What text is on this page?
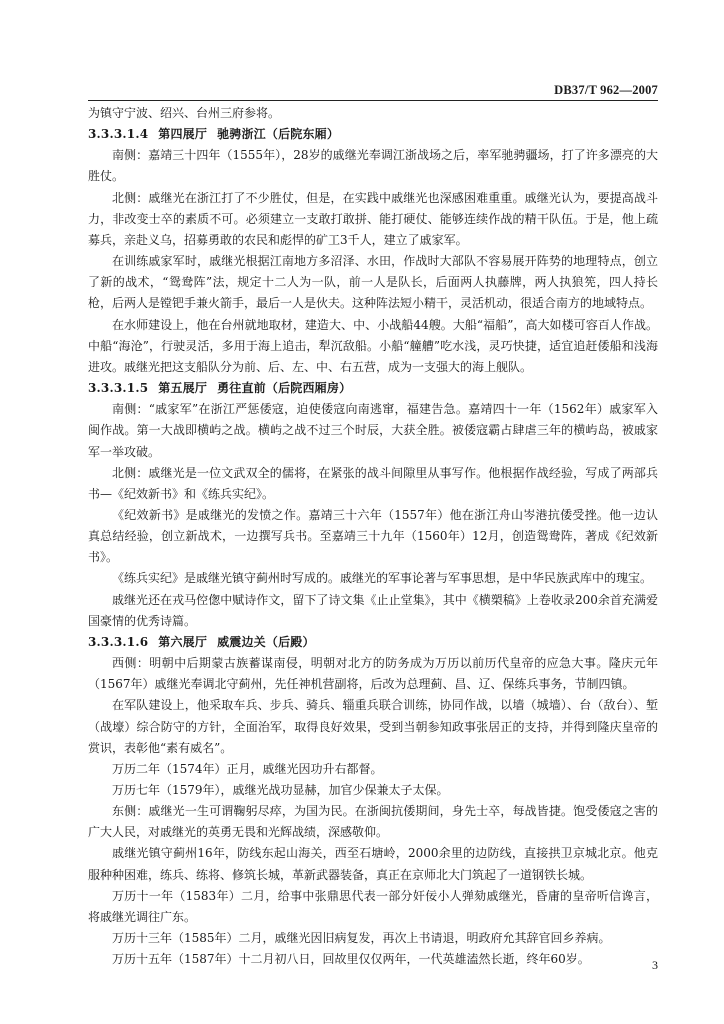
DB37/T 962—2007

为镇守宁波、绍兴、台州三府参将。

3.3.3.1.4 第四展厅 驰骋浙江（后院东厢）

南侧：嘉靖三十四年（1555年），28岁的戚继光奉调江浙战场之后，率军驰骋疆场，打了许多漂亮的大胜仗。

北侧：戚继光在浙江打了不少胜仗，但是，在实践中戚继光也深感困难重重。戚继光认为，要提高战斗力，非改变士卒的素质不可。必须建立一支敢打敢拼、能打硬仗、能够连续作战的精干队伍。于是，他上疏募兵，亲赴义乌，招募勇敢的农民和彪悍的矿工3千人，建立了戚家军。

在训练戚家军时，戚继光根据江南地方多沼泽、水田，作战时大部队不容易展开阵势的地理特点，创立了新的战术，“鸳鸯阵”法，规定十二人为一队，前一人是队长，后面两人执藤牌，两人执狼筅，四人持长枪，后两人是镗钯手兼火箭手，最后一人是伙夫。这种阵法短小精干，灵活机动，很适合南方的地域特点。

在水师建设上，他在台州就地取材，建造大、中、小战船44艘。大船“福船”，高大如楼可容百人作战。中船“海沧”，行驶灵活，多用于海上追击，犁沉敌船。小船“艟艚”吃水浅，灵巧快捷，适宜追赶倭船和浅海进攻。戚继光把这支船队分为前、后、左、中、右五营，成为一支强大的海上舰队。

3.3.3.1.5 第五展厅 勇往直前（后院西厢房）

南侧：“戚家军”在浙江严惩倭寇，迫使倭寇向南逃窜，福建告急。嘉靖四十一年（1562年）戚家军入闽作战。第一大战即横屿之战。横屿之战不过三个时辰，大获全胜。被倭寇霸占肆虐三年的横屿岛，被戚家军一举攻破。

北侧：戚继光是一位文武双全的儒将，在紧张的战斗间隙里从事写作。他根据作战经验，写成了两部兵书—《纪效新书》和《练兵实纪》。

《纪效新书》是戚继光的发愤之作。嘉靖三十六年（1557年）他在浙江舟山岑港抗倭受挫。他一边认真总结经验，创立新战术，一边撰写兵书。至嘉靖三十九年（1560年）12月，创造鸳鸯阵，著成《纪效新书》。

《练兵实纪》是戚继光镇守蓟州时写成的。戚继光的军事论著与军事思想，是中华民族武库中的瑰宝。

戚继光还在戎马倥偬中赋诗作文，留下了诗文集《止止堂集》，其中《横槊稿》上卷收录200余首充满爱国豪情的优秀诗篇。

3.3.3.1.6 第六展厅 威震边关（后殿）

西侧：明朝中后期蒙古族蓄谋南侵，明朝对北方的防务成为万历以前历代皇帝的应急大事。隆庆元年（1567年）戚继光奉调北守蓟州，先任神机营副将，后改为总理蓟、昌、辽、保练兵事务，节制四镇。

在军队建设上，他采取车兵、步兵、骑兵、辎重兵联合训练，协同作战，以墙（城墙）、台（敌台）、堑（战壕）综合防守的方针，全面治军，取得良好效果，受到当朝参知政事张居正的支持，并得到隆庆皇帝的赏识，表彰他“素有威名”。

万历二年（1574年）正月，戚继光因功升右都督。

万历七年（1579年），戚继光战功显赫，加官少保兼太子太保。

东侧：戚继光一生可谓鞠躬尽瘁，为国为民。在浙闽抗倭期间，身先士卒，每战皆捷。饱受倭寇之害的广大人民，对戚继光的英勇无畏和光辉战绩，深感敬仰。

戚继光镇守蓟州16年，防线东起山海关，西至石塘岭，2000余里的边防线，直接拱卫京城北京。他克服种种困难，练兵、练将、修筑长城，革新武器装备，真正在京师北大门筑起了一道钢铁长城。

万历十一年（1583年）二月，给事中张鼎思代表一部分奸佞小人弹劾戚继光，昏庸的皇帝听信谗言，将戚继光调往广东。

万历十三年（1585年）二月，戚继光因旧病复发，再次上书请退，明政府允其辞官回乡养病。

万历十五年（1587年）十二月初八日，回故里仅仅两年，一代英雄溘然长逝，终年60岁。	3
